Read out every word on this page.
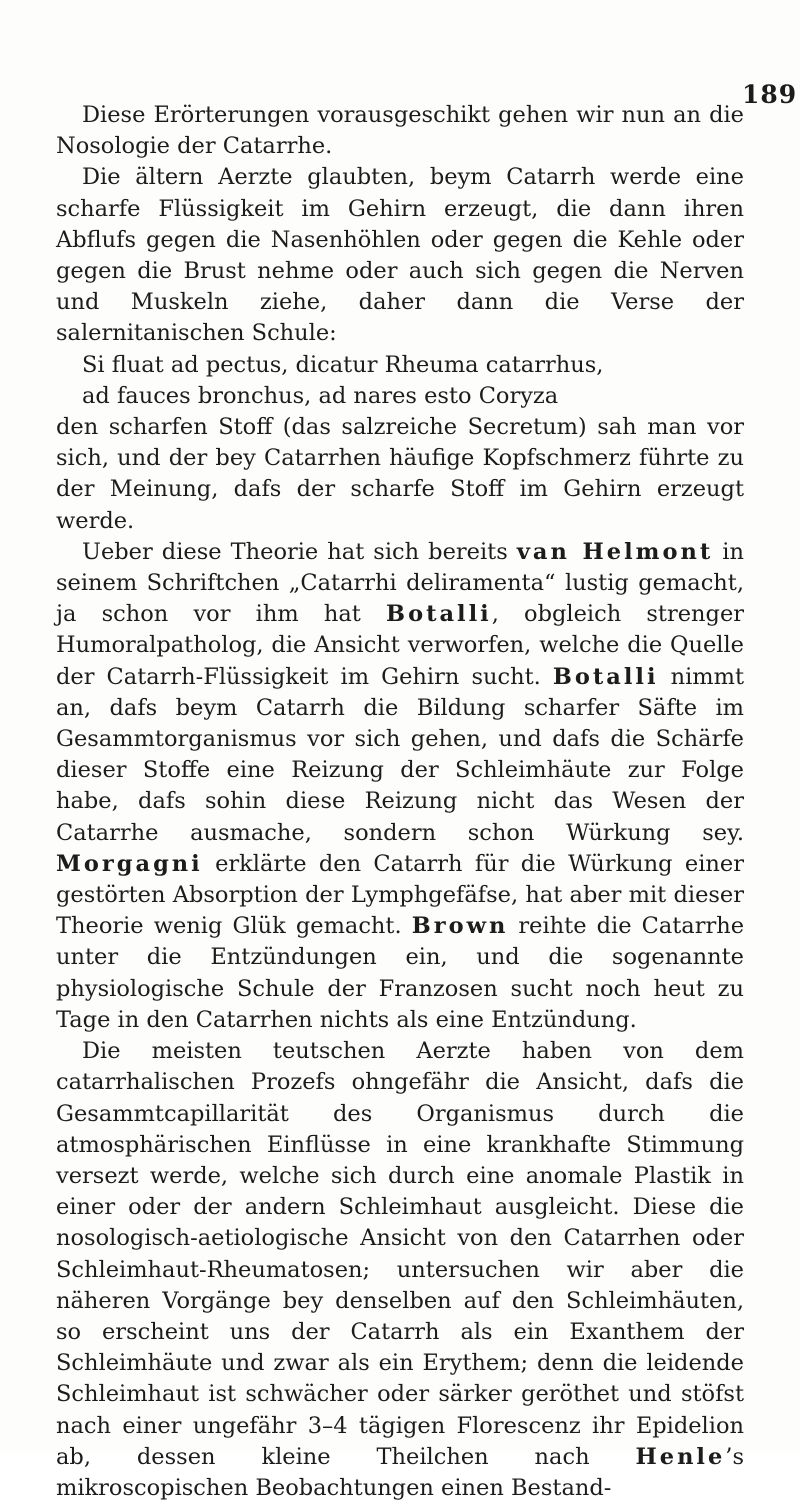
189

Diese Erörterungen vorausgeschikt gehen wir nun an die Nosologie der Catarrhe.

Die ältern Aerzte glaubten, beym Catarrh werde eine scharfe Flüssigkeit im Gehirn erzeugt, die dann ihren Abflufs gegen die Nasenhöhlen oder gegen die Kehle oder gegen die Brust nehme oder auch sich gegen die Nerven und Muskeln ziehe, daher dann die Verse der salernitanischen Schule:

Si fluat ad pectus, dicatur Rheuma catarrhus,
ad fauces bronchus, ad nares esto Coryza

den scharfen Stoff (das salzreiche Secretum) sah man vor sich, und der bey Catarrhen häufige Kopfschmerz führte zu der Meinung, dafs der scharfe Stoff im Gehirn erzeugt werde.

Ueber diese Theorie hat sich bereits van Helmont in seinem Schriftchen „Catarrhi deliramenta“ lustig gemacht, ja schon vor ihm hat Botalli, obgleich strenger Humoralpatholog, die Ansicht verworfen, welche die Quelle der Catarrh-Flüssigkeit im Gehirn sucht. Botalli nimmt an, dafs beym Catarrh die Bildung scharfer Säfte im Gesammtorganismus vor sich gehen, und dafs die Schärfe dieser Stoffe eine Reizung der Schleimhäute zur Folge habe, dafs sohin diese Reizung nicht das Wesen der Catarrhe ausmache, sondern schon Würkung sey. Morgagni erklärte den Catarrh für die Würkung einer gestörten Absorption der Lymphgefäfse, hat aber mit dieser Theorie wenig Glük gemacht. Brown reihte die Catarrhe unter die Entzündungen ein, und die sogenannte physiologische Schule der Franzosen sucht noch heut zu Tage in den Catarrhen nichts als eine Entzündung.

Die meisten teutschen Aerzte haben von dem catarrhalischen Prozefs ohngefähr die Ansicht, dafs die Gesammtcapillarität des Organismus durch die atmosphärischen Einflüsse in eine krankhafte Stimmung versezt werde, welche sich durch eine anomale Plastik in einer oder der andern Schleimhaut ausgleicht. Diese die nosologisch-aetiologische Ansicht von den Catarrhen oder Schleimhaut-Rheumatosen; untersuchen wir aber die näheren Vorgänge bey denselben auf den Schleimhäuten, so erscheint uns der Catarrh als ein Exanthem der Schleimhäute und zwar als ein Erythem; denn die leidende Schleimhaut ist schwächer oder särker geröthet und stöfst nach einer ungefähr 3–4 tägigen Florescenz ihr Epidelion ab, dessen kleine Theilchen nach Henle’s mikroscopischen Beobachtungen einen Bestand-
